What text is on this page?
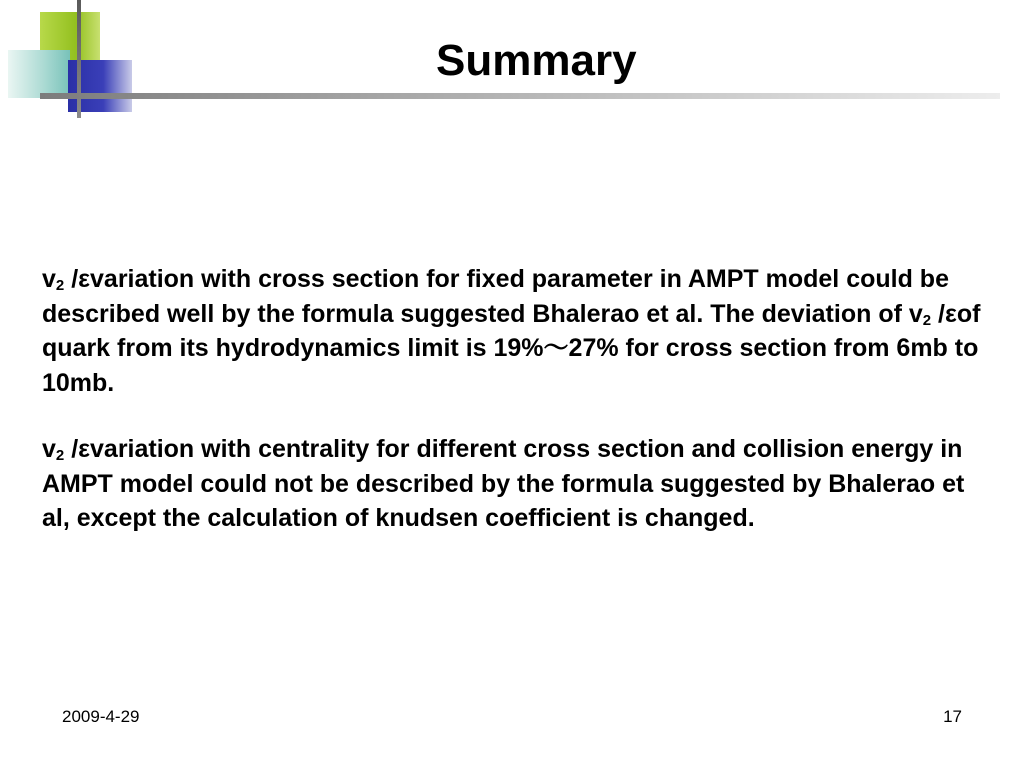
Summary

$v_2$ /εvariation with cross section for fixed parameter in AMPT model could be described well by the formula suggested Bhalerao et al. The deviation of $v_2$ /εof quark from its hydrodynamics limit is 19%～27% for cross section from 6mb to 10mb.

$v_2$ /εvariation with centrality for different cross section and collision energy in AMPT model could not be described by the formula suggested by Bhalerao et al, except the calculation of knudsen coefficient is changed.

2009-4-29	17
